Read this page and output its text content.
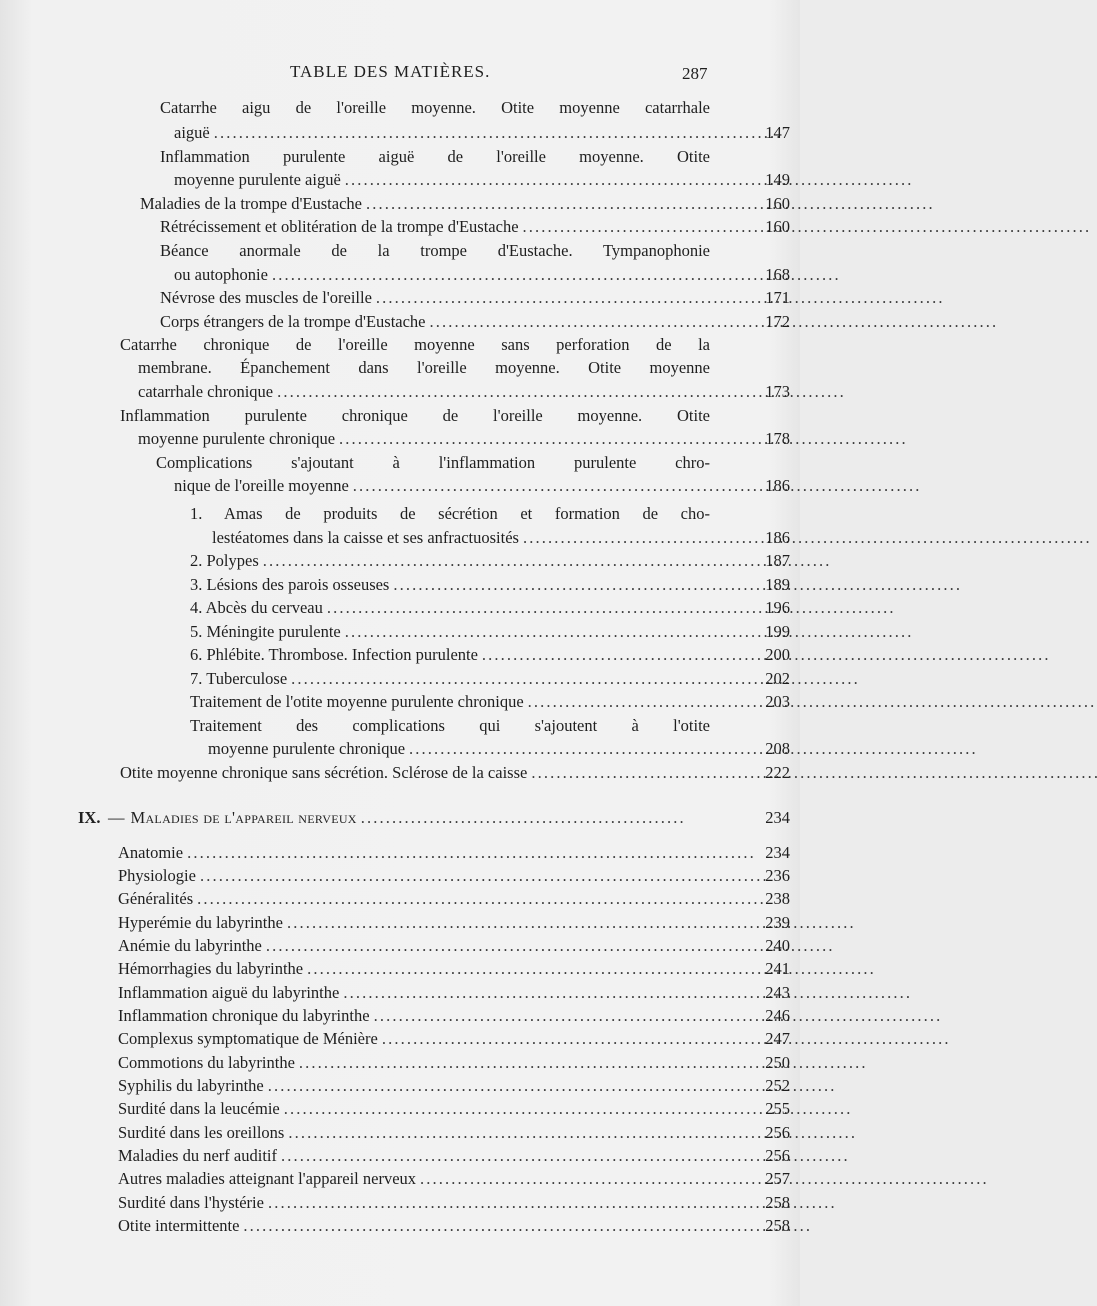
TABLE DES MATIÈRES.	287
Catarrhe aigu de l'oreille moyenne. Otite moyenne catarrhale
aiguë . . .	147
Inflammation purulente aiguë de l'oreille moyenne. Otite
moyenne purulente aiguë . . .	149
Maladies de la trompe d'Eustache . . .	160
Rétrécissement et oblitération de la trompe d'Eustache . . .	160
Béance anormale de la trompe d'Eustache. Tympanophonie
ou autophonie . . .	168
Névrose des muscles de l'oreille . . .	171
Corps étrangers de la trompe d'Eustache . . .	172
Catarrhe chronique de l'oreille moyenne sans perforation de la
membrane. Épanchement dans l'oreille moyenne. Otite moyenne
catarrhale chronique . . .	173
Inflammation purulente chronique de l'oreille moyenne. Otite
moyenne purulente chronique . . .	178
Complications s'ajoutant à l'inflammation purulente chro-
nique de l'oreille moyenne . . .	186
1. Amas de produits de sécrétion et formation de cho-
lestéatomes dans la caisse et ses anfractuosités . . .	186
2. Polypes . . .	187
3. Lésions des parois osseuses . . .	189
4. Abcès du cerveau . . .	196
5. Méningite purulente . . .	199
6. Phlébite. Thrombose. Infection purulente . . .	200
7. Tuberculose . . .	202
Traitement de l'otite moyenne purulente chronique . . .	203
Traitement des complications qui s'ajoutent à l'otite
moyenne purulente chronique . . .	208
Otite moyenne chronique sans sécrétion. Sclérose de la caisse . . .	222
IX. — Maladies de l'appareil nerveux . . .	234
Anatomie . . .	234
Physiologie . . .	236
Généralités . . .	238
Hyperémie du labyrinthe . . .	239
Anémie du labyrinthe . . .	240
Hémorrhagies du labyrinthe . . .	241
Inflammation aiguë du labyrinthe . . .	243
Inflammation chronique du labyrinthe . . .	246
Complexus symptomatique de Ménière . . .	247
Commotions du labyrinthe . . .	250
Syphilis du labyrinthe . . .	252
Surdité dans la leucémie . . .	255
Surdité dans les oreillons . . .	256
Maladies du nerf auditif . . .	256
Autres maladies atteignant l'appareil nerveux . . .	257
Surdité dans l'hystérie . . .	258
Otite intermittente . . .	258
